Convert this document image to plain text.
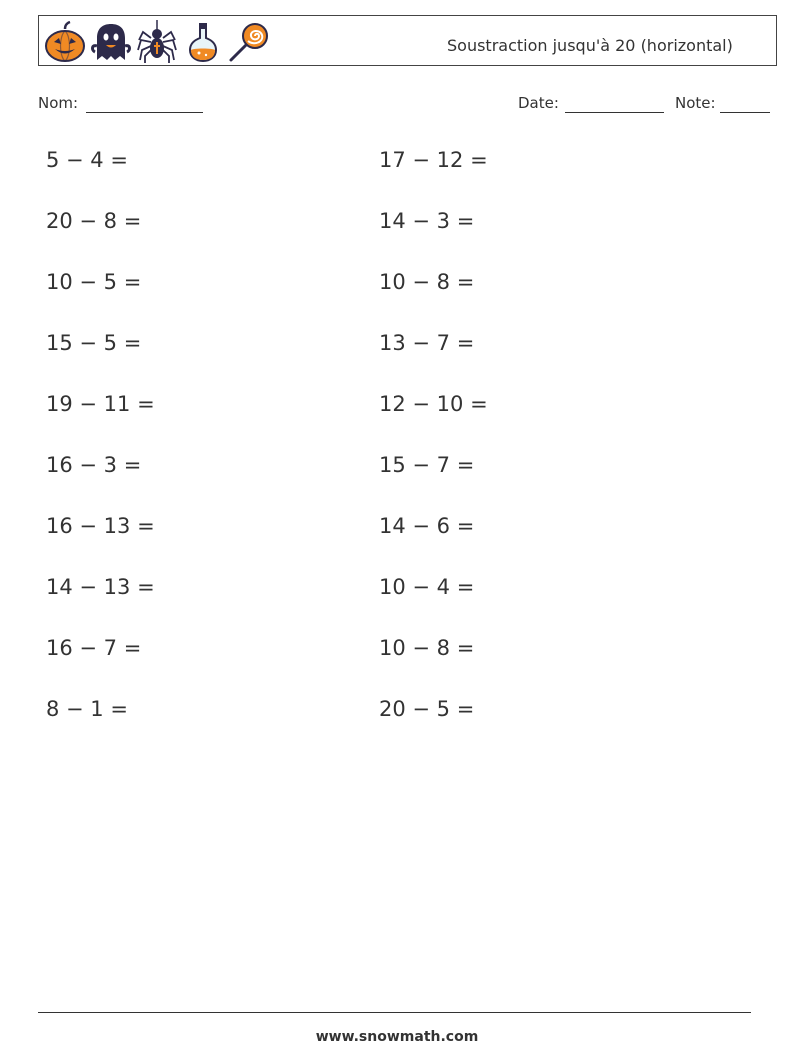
Soustraction jusqu'à 20 (horizontal)
Nom:	Date:	Note:
5 − 4 =	17 − 12 =
20 − 8 =	14 − 3 =
10 − 5 =	10 − 8 =
15 − 5 =	13 − 7 =
19 − 11 =	12 − 10 =
16 − 3 =	15 − 7 =
16 − 13 =	14 − 6 =
14 − 13 =	10 − 4 =
16 − 7 =	10 − 8 =
8 − 1 =	20 − 5 =
www.snowmath.com
